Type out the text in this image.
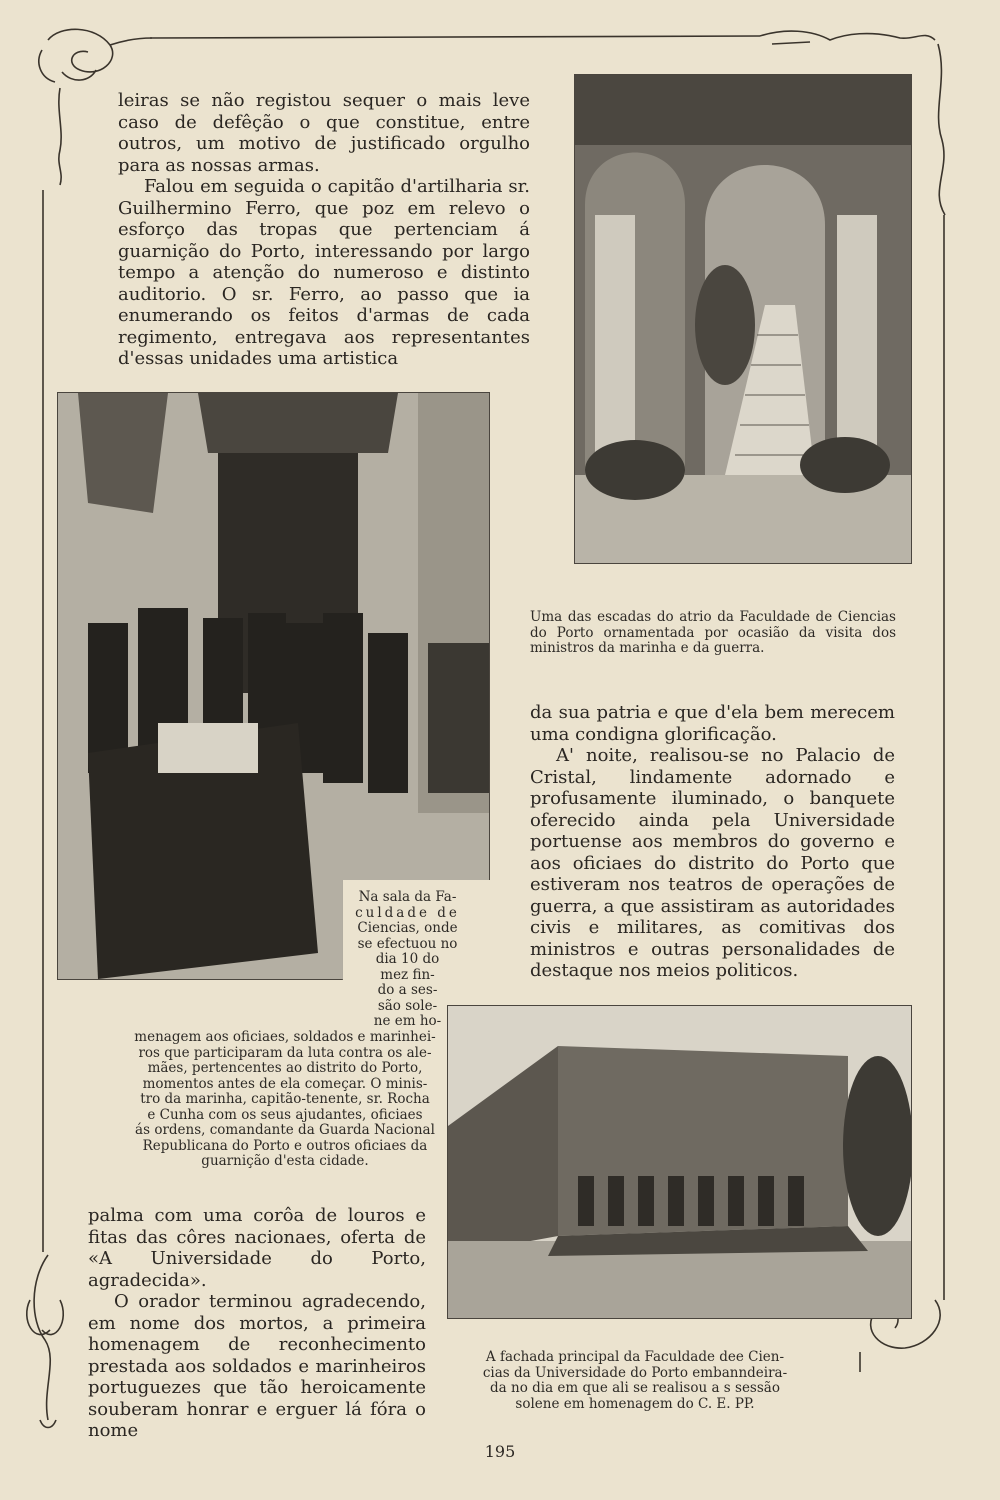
leiras se não registou sequer o mais leve caso de defêção o que constitue, entre outros, um motivo de justificado orgulho para as nossas armas.

Falou em seguida o capitão d'artilharia sr. Guilhermino Ferro, que poz em relevo o esforço das tropas que pertenciam á guarnição do Porto, interessando por largo tempo a atenção do numeroso e distinto auditorio. O sr. Ferro, ao passo que ia enumerando os feitos d'armas de cada regimento, entregava aos representantes d'essas unidades uma artistica

Uma das escadas do atrio da Faculdade de Ciencias do Porto ornamentada por ocasião da visita dos ministros da marinha e da guerra.
Na sala da Fa-
culdade de
Ciencias, onde
se efectuou no
dia 10 do
mez fin-
do a ses-
são sole-
ne em ho-
menagem aos oficiaes, soldados e marinhei-
ros que participaram da luta contra os ale-
mães, pertencentes ao distrito do Porto,
momentos antes de ela começar. O minis-
tro da marinha, capitão-tenente, sr. Rocha
e Cunha com os seus ajudantes, oficiaes
ás ordens, comandante da Guarda Nacional
Republicana do Porto e outros oficiaes da
guarnição d'esta cidade.

da sua patria e que d'ela bem merecem uma condigna glorificação.

A' noite, realisou-se no Palacio de Cristal, lindamente adornado e profusamente iluminado, o banquete oferecido ainda pela Universidade portuense aos membros do governo e aos oficiaes do distrito do Porto que estiveram nos teatros de operações de guerra, a que assistiram as autoridades civis e militares, as comitivas dos ministros e outras personalidades de destaque nos meios politicos.

A fachada principal da Faculdade dee Cien-
cias da Universidade do Porto embanndeira-
da no dia em que ali se realisou a s sessão
solene em homenagem do C. E. PP.

palma com uma corôa de louros e fitas das côres nacionaes, oferta de «A Universidade do Porto, agradecida».

O orador terminou agradecendo, em nome dos mortos, a primeira homenagem de reconhecimento prestada aos soldados e marinheiros portuguezes que tão heroicamente souberam honrar e erguer lá fóra o nome

195
